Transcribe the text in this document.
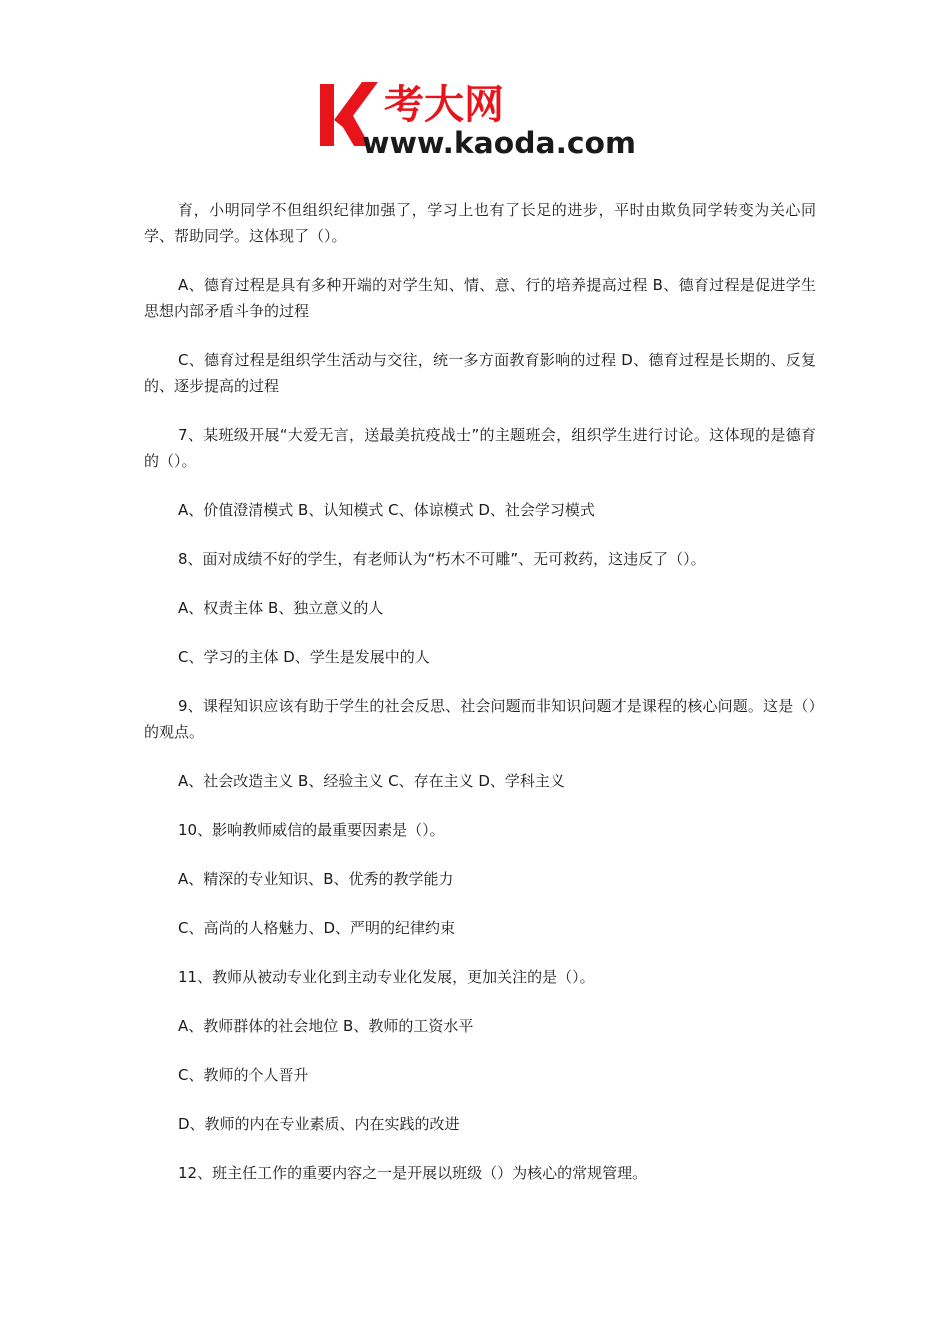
考大网
www.kaoda.com

育，小明同学不但组织纪律加强了，学习上也有了长足的进步，平时由欺负同学转变为关心同学、帮助同学。这体现了（）。

A、德育过程是具有多种开端的对学生知、情、意、行的培养提高过程 B、德育过程是促进学生思想内部矛盾斗争的过程

C、德育过程是组织学生活动与交往，统一多方面教育影响的过程 D、德育过程是长期的、反复的、逐步提高的过程

7、某班级开展“大爱无言，送最美抗疫战士”的主题班会，组织学生进行讨论。这体现的是德育的（）。

A、价值澄清模式 B、认知模式 C、体谅模式 D、社会学习模式

8、面对成绩不好的学生，有老师认为“朽木不可雕”、无可救药，这违反了（）。

A、权责主体 B、独立意义的人

C、学习的主体 D、学生是发展中的人

9、课程知识应该有助于学生的社会反思、社会问题而非知识问题才是课程的核心问题。这是（）的观点。

A、社会改造主义 B、经验主义 C、存在主义 D、学科主义

10、影响教师威信的最重要因素是（）。

A、精深的专业知识、B、优秀的教学能力

C、高尚的人格魅力、D、严明的纪律约束

11、教师从被动专业化到主动专业化发展，更加关注的是（）。

A、教师群体的社会地位 B、教师的工资水平

C、教师的个人晋升

D、教师的内在专业素质、内在实践的改进

12、班主任工作的重要内容之一是开展以班级（）为核心的常规管理。
